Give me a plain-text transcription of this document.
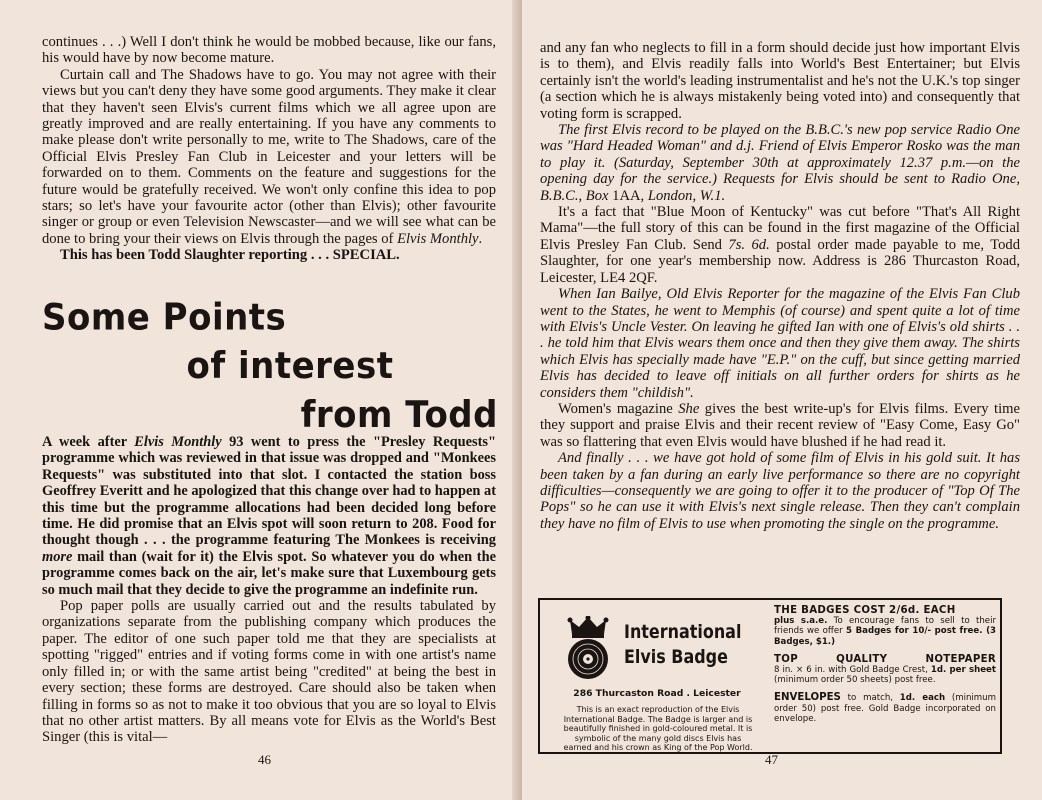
continues . . .) Well I don't think he would be mobbed because, like our fans, his would have by now become mature.

Curtain call and The Shadows have to go. You may not agree with their views but you can't deny they have some good arguments. They make it clear that they haven't seen Elvis's current films which we all agree upon are greatly improved and are really entertaining. If you have any comments to make please don't write personally to me, write to The Shadows, care of the Official Elvis Presley Fan Club in Leicester and your letters will be forwarded on to them. Comments on the feature and suggestions for the future would be gratefully received. We won't only confine this idea to pop stars; so let's have your favourite actor (other than Elvis); other favourite singer or group or even Television Newscaster—and we will see what can be done to bring your their views on Elvis through the pages of Elvis Monthly.

This has been Todd Slaughter reporting . . . SPECIAL.

Some Points
of interest
from Todd

A week after Elvis Monthly 93 went to press the "Presley Requests" programme which was reviewed in that issue was dropped and "Monkees Requests" was substituted into that slot. I contacted the station boss Geoffrey Everitt and he apologized that this change over had to happen at this time but the programme allocations had been decided long before time. He did promise that an Elvis spot will soon return to 208. Food for thought though . . . the programme featuring The Monkees is receiving more mail than (wait for it) the Elvis spot. So whatever you do when the programme comes back on the air, let's make sure that Luxembourg gets so much mail that they decide to give the programme an indefinite run.

Pop paper polls are usually carried out and the results tabulated by organizations separate from the publishing company which produces the paper. The editor of one such paper told me that they are specialists at spotting "rigged" entries and if voting forms come in with one artist's name only filled in; or with the same artist being "credited" at being the best in every section; these forms are destroyed. Care should also be taken when filling in forms so as not to make it too obvious that you are so loyal to Elvis that no other artist matters. By all means vote for Elvis as the World's Best Singer (this is vital—

46

and any fan who neglects to fill in a form should decide just how important Elvis is to them), and Elvis readily falls into World's Best Entertainer; but Elvis certainly isn't the world's leading instrumentalist and he's not the U.K.'s top singer (a section which he is always mistakenly being voted into) and consequently that voting form is scrapped.

The first Elvis record to be played on the B.B.C.'s new pop service Radio One was "Hard Headed Woman" and d.j. Friend of Elvis Emperor Rosko was the man to play it. (Saturday, September 30th at approximately 12.37 p.m.—on the opening day for the service.) Requests for Elvis should be sent to Radio One, B.B.C., Box 1AA, London, W.1.

It's a fact that "Blue Moon of Kentucky" was cut before "That's All Right Mama"—the full story of this can be found in the first magazine of the Official Elvis Presley Fan Club. Send 7s. 6d. postal order made payable to me, Todd Slaughter, for one year's membership now. Address is 286 Thurcaston Road, Leicester, LE4 2QF.

When Ian Bailye, Old Elvis Reporter for the magazine of the Elvis Fan Club went to the States, he went to Memphis (of course) and spent quite a lot of time with Elvis's Uncle Vester. On leaving he gifted Ian with one of Elvis's old shirts . . . he told him that Elvis wears them once and then they give them away. The shirts which Elvis has specially made have "E.P." on the cuff, but since getting married Elvis has decided to leave off initials on all further orders for shirts as he considers them "childish".

Women's magazine She gives the best write-up's for Elvis films. Every time they support and praise Elvis and their recent review of "Easy Come, Easy Go" was so flattering that even Elvis would have blushed if he had read it.

And finally . . . we have got hold of some film of Elvis in his gold suit. It has been taken by a fan during an early live performance so there are no copyright difficulties—consequently we are going to offer it to the producer of "Top Of The Pops" so he can use it with Elvis's next single release. Then they can't complain they have no film of Elvis to use when promoting the single on the programme.

International
Elvis Badge
286 Thurcaston Road . Leicester
This is an exact reproduction of the Elvis International Badge. The Badge is larger and is beautifully finished in gold-coloured metal. It is symbolic of the many gold discs Elvis has earned and his crown as King of the Pop World.
THE BADGES COST 2/6d. EACH
plus s.a.e. To encourage fans to sell to their friends we offer 5 Badges for 10/- post free. (3 Badges, $1.)
TOP	QUALITY	NOTEPAPER
8 in. × 6 in. with Gold Badge Crest, 1d. per sheet (minimum order 50 sheets) post free.
ENVELOPES to match, 1d. each (minimum order 50) post free. Gold Badge incorporated on envelope.
47
